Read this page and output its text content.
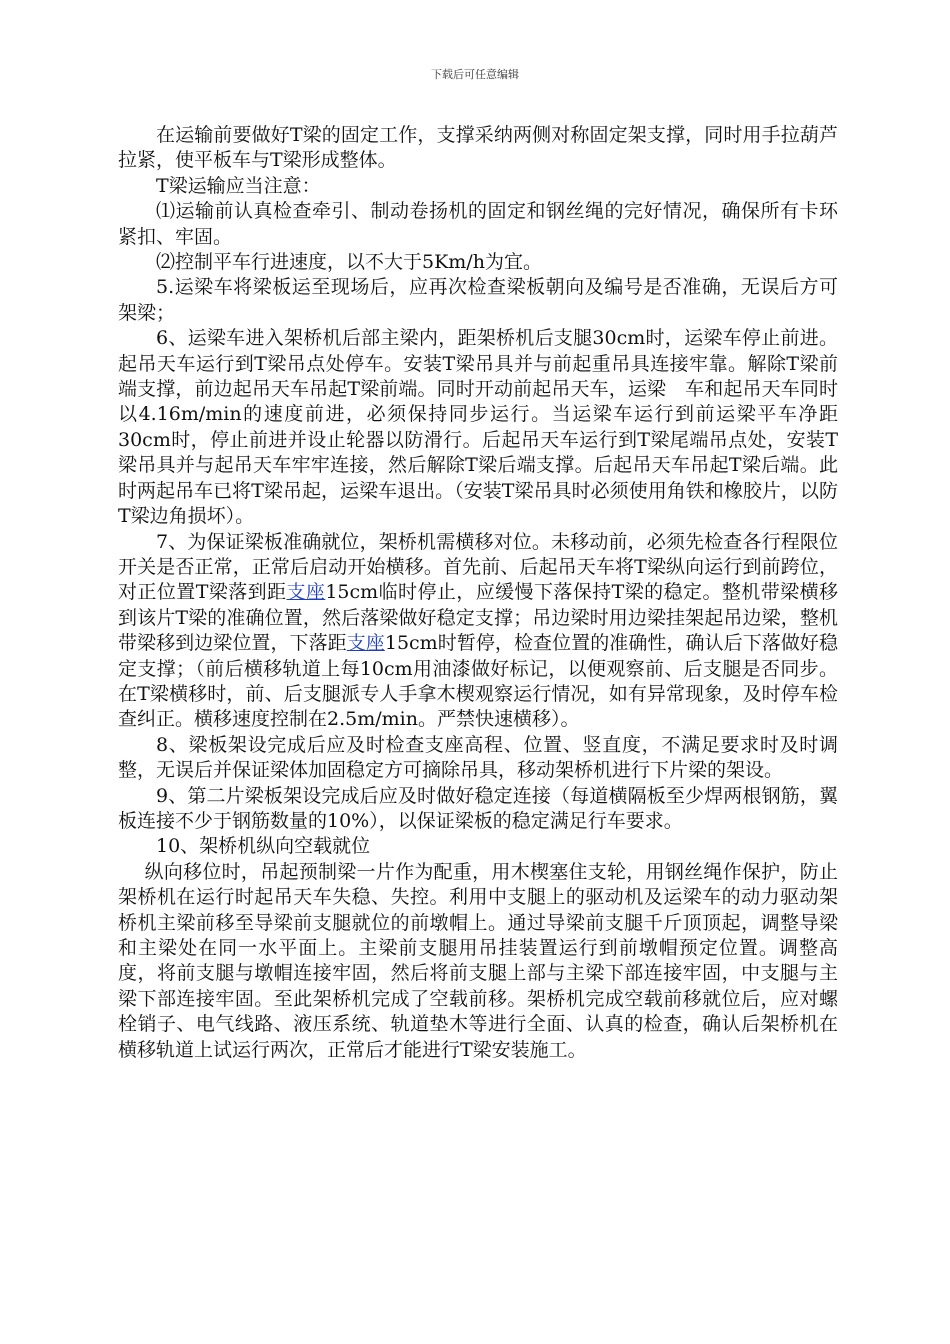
下载后可任意编辑

在运输前要做好T梁的固定工作，支撑采纳两侧对称固定架支撑，同时用手拉葫芦拉紧，使平板车与T梁形成整体。

T梁运输应当注意：

⑴运输前认真检查牵引、制动卷扬机的固定和钢丝绳的完好情况，确保所有卡环紧扣、牢固。

⑵控制平车行进速度，以不大于5Km/h为宜。

5.运梁车将梁板运至现场后，应再次检查梁板朝向及编号是否准确，无误后方可架梁；

6、运梁车进入架桥机后部主梁内，距架桥机后支腿30cm时，运梁车停止前进。起吊天车运行到T梁吊点处停车。安装T梁吊具并与前起重吊具连接牢靠。解除T梁前端支撑，前边起吊天车吊起T梁前端。同时开动前起吊天车，运梁　车和起吊天车同时以4.16m/min的速度前进，必须保持同步运行。当运梁车运行到前运梁平车净距30cm时，停止前进并设止轮器以防滑行。后起吊天车运行到T梁尾端吊点处，安装T梁吊具并与起吊天车牢牢连接，然后解除T梁后端支撑。后起吊天车吊起T梁后端。此时两起吊车已将T梁吊起，运梁车退出。（安装T梁吊具时必须使用角铁和橡胶片，以防T梁边角损坏）。

7、为保证梁板准确就位，架桥机需横移对位。未移动前，必须先检查各行程限位开关是否正常，正常后启动开始横移。首先前、后起吊天车将T梁纵向运行到前跨位，对正位置T梁落到距支座15cm临时停止，应缓慢下落保持T梁的稳定。整机带梁横移到该片T梁的准确位置，然后落梁做好稳定支撑；吊边梁时用边梁挂架起吊边梁，整机带梁移到边梁位置，下落距支座15cm时暂停，检查位置的准确性，确认后下落做好稳定支撑；（前后横移轨道上每10cm用油漆做好标记，以便观察前、后支腿是否同步。在T梁横移时，前、后支腿派专人手拿木楔观察运行情况，如有异常现象，及时停车检查纠正。横移速度控制在2.5m/min。严禁快速横移）。

8、梁板架设完成后应及时检查支座高程、位置、竖直度，不满足要求时及时调整，无误后并保证梁体加固稳定方可摘除吊具，移动架桥机进行下片梁的架设。

9、第二片梁板架设完成后应及时做好稳定连接（每道横隔板至少焊两根钢筋，翼板连接不少于钢筋数量的10%），以保证梁板的稳定满足行车要求。

10、架桥机纵向空载就位

纵向移位时，吊起预制梁一片作为配重，用木楔塞住支轮，用钢丝绳作保护，防止架桥机在运行时起吊天车失稳、失控。利用中支腿上的驱动机及运梁车的动力驱动架桥机主梁前移至导梁前支腿就位的前墩帽上。通过导梁前支腿千斤顶顶起，调整导梁和主梁处在同一水平面上。主梁前支腿用吊挂装置运行到前墩帽预定位置。调整高度，将前支腿与墩帽连接牢固，然后将前支腿上部与主梁下部连接牢固，中支腿与主梁下部连接牢固。至此架桥机完成了空载前移。架桥机完成空载前移就位后，应对螺栓销子、电气线路、液压系统、轨道垫木等进行全面、认真的检查，确认后架桥机在横移轨道上试运行两次，正常后才能进行T梁安装施工。
